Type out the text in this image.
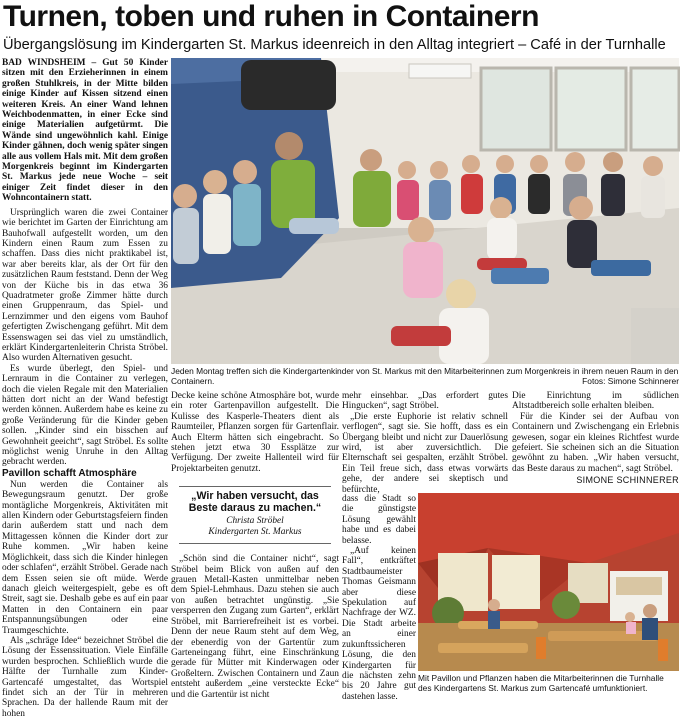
Turnen, toben und ruhen in Containern
Übergangslösung im Kindergarten St. Markus ideenreich in den Alltag integriert – Café in der Turnhalle

BAD WINDSHEIM – Gut 50 Kinder sitzen mit den Erzieherinnen in einem großen Stuhlkreis, in der Mitte bilden einige Kinder auf Kissen sitzend einen weiteren Kreis. An einer Wand lehnen Weichbodenmatten, in einer Ecke sind einige Materialien aufgetürmt. Die Wände sind ungewöhnlich kahl. Einige Kinder gähnen, doch wenig später singen alle aus vollem Hals mit. Mit dem großen Morgenkreis beginnt im Kindergarten St. Markus jede neue Woche – seit einiger Zeit findet dieser in den Wohncontainern statt.

Ursprünglich waren die zwei Container wie berichtet im Garten der Einrichtung am Bauhofwall aufgestellt worden, um den Kindern einen Raum zum Essen zu schaffen. Dass dies nicht praktikabel ist, war aber bereits klar, als der Ort für den zusätzlichen Raum feststand. Denn der Weg von der Küche bis in das etwa 36 Quadratmeter große Zimmer hätte durch einen Gruppenraum, das Spiel- und Lernzimmer und den eigens vom Bauhof gefertigten Zwischengang geführt. Mit dem Essenswagen sei das viel zu umständlich, erklärt Kindergartenleiterin Christa Ströbel. Also wurden Alternativen gesucht.

Es wurde überlegt, den Spiel- und Lernraum in die Container zu verlegen, doch die vielen Regale mit den Materialien hätten dort nicht an der Wand befestigt werden können. Außerdem habe es keine zu große Veränderung für die Kinder geben sollen. „Kinder sind ein bisschen auf Gewohnheit geeicht“, sagt Ströbel. Es sollte möglichst wenig Unruhe in den Alltag gebracht werden.

Pavillon schafft Atmosphäre

Nun werden die Container als Bewegungsraum genutzt. Der große montägliche Morgenkreis, Aktivitäten mit allen Kindern oder Geburtstagsfeiern finden darin außerdem statt und nach dem Mittagessen können die Kinder dort zur Ruhe kommen. „Wir haben keine Möglichkeit, dass sich die Kinder hinlegen oder schlafen“, erzählt Ströbel. Gerade nach dem Essen seien sie oft müde. Werde danach gleich weitergespielt, gebe es oft Streit, sagt sie. Deshalb gebe es auf ein paar Matten in den Containern ein paar Entspannungsübungen oder eine Traumgeschichte.

Als „schräge Idee“ bezeichnet Ströbel die Lösung der Essenssituation. Viele Einfälle wurden besprochen. Schließlich wurde die Hälfte der Turnhalle zum Kinder-Gartencafé umgestaltet, das Wortspiel findet sich an der Tür in mehreren Sprachen. Da der hallende Raum mit der hohen

Jeden Montag treffen sich die Kindergartenkinder von St. Markus mit den Mitarbeiterinnen zum Morgenkreis in ihrem neuen Raum in den Containern.	Fotos: Simone Schinnerer

Decke keine schöne Atmosphäre bot, wurde ein roter Gartenpavillon aufgestellt. Die Kulisse des Kasperle-Theaters dient als Raumteiler, Pflanzen sorgen für Gartenflair. Auch Elterm hätten sich eingebracht. So stehen jetzt etwa 30 Essplätze zur Verfügung. Der zweite Hallenteil wird für Projektarbeiten genutzt.

„Wir haben versucht, das Beste daraus zu machen.“
Christa Ströbel
Kindergarten St. Markus

„Schön sind die Container nicht“, sagt Ströbel beim Blick von außen auf den grauen Metall-Kasten unmittelbar neben dem Spiel-Lehmhaus. Dazu stehen sie auch von außen betrachtet ungünstig. „Sie versperren den Zugang zum Garten“, erklärt Ströbel, mit Barrierefreiheit ist es vorbei. Denn der neue Raum steht auf dem Weg, der ebenerdig von der Gartentür zum Garteneingang führt, eine Einschränkung gerade für Mütter mit Kinderwagen oder Großeltern. Zwischen Containern und Zaun entsteht außerdem „eine versteckte Ecke“ und die Gartentür ist nicht

mehr einsehbar. „Das erfordert gutes Hingucken“, sagt Ströbel.

„Die erste Euphorie ist relativ schnell verflogen“, sagt sie. Sie hofft, dass es ein Übergang bleibt und nicht zur Dauerlösung wird, ist aber zuversichtlich. Die Elternschaft sei gespalten, erzählt Ströbel. Ein Teil freue sich, dass etwas vorwärts gehe, der andere sei skeptisch und befürchte,

dass die Stadt so die günstigste Lösung gewählt habe und es dabei belasse.

„Auf keinen Fall“, entkräftet Stadtbaumeister Thomas Geismann aber diese Spekulation auf Nachfrage der WZ. Die Stadt arbeite an einer zukunftssicheren Lösung, die den Kindergarten für die nächsten zehn bis 20 Jahre gut dastehen lasse.

Die Einrichtung im südlichen Altstadtbereich solle erhalten bleiben.

Für die Kinder sei der Aufbau von Containern und Zwischengang ein Erlebnis gewesen, sogar ein kleines Richtfest wurde gefeiert. Sie scheinen sich an die Situation gewöhnt zu haben. „Wir haben versucht, das Beste daraus zu machen“, sagt Ströbel.

SIMONE SCHINNERER
Mit Pavillon und Pflanzen haben die Mitarbeiterinnen die Turnhalle des Kindergartens St. Markus zum Gartencafé umfunktioniert.
